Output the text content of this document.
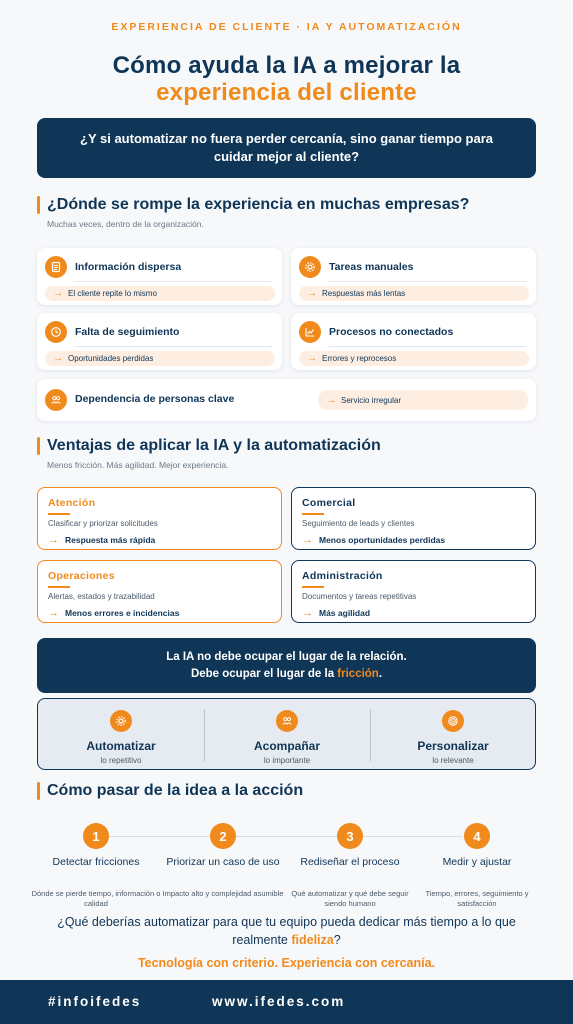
EXPERIENCIA DE CLIENTE · IA Y AUTOMATIZACIÓN
Cómo ayuda la IA a mejorar la
experiencia del cliente
¿Y si automatizar no fuera perder cercanía, sino ganar tiempo para cuidar mejor al cliente?
¿Dónde se rompe la experiencia en muchas empresas?
Muchas veces, dentro de la organización.
Información dispersa
→ El cliente repite lo mismo
Tareas manuales
→ Respuestas más lentas
Falta de seguimiento
→ Oportunidades perdidas
Procesos no conectados
→ Errores y reprocesos
Dependencia de personas clave	→ Servicio irregular
Ventajas de aplicar la IA y la automatización
Menos fricción. Más agilidad. Mejor experiencia.
Atención
Clasificar y priorizar solicitudes
→ Respuesta más rápida
Comercial
Seguimiento de leads y clientes
→ Menos oportunidades perdidas
Operaciones
Alertas, estados y trazabilidad
→ Menos errores e incidencias
Administración
Documentos y tareas repetitivas
→ Más agilidad
La IA no debe ocupar el lugar de la relación.
Debe ocupar el lugar de la fricción.
Automatizar
lo repetitivo
Acompañar
lo importante
Personalizar
lo relevante
Cómo pasar de la idea a la acción
1
Detectar fricciones
Dónde se pierde tiempo, información o calidad
2
Priorizar un caso de uso
Impacto alto y complejidad asumible
3
Rediseñar el proceso
Qué automatizar y qué debe seguir siendo humano
4
Medir y ajustar
Tiempo, errores, seguimiento y satisfacción
¿Qué deberías automatizar para que tu equipo pueda dedicar más tiempo a lo que realmente fideliza?
Tecnología con criterio. Experiencia con cercanía.
#infoifedes	www.ifedes.com
